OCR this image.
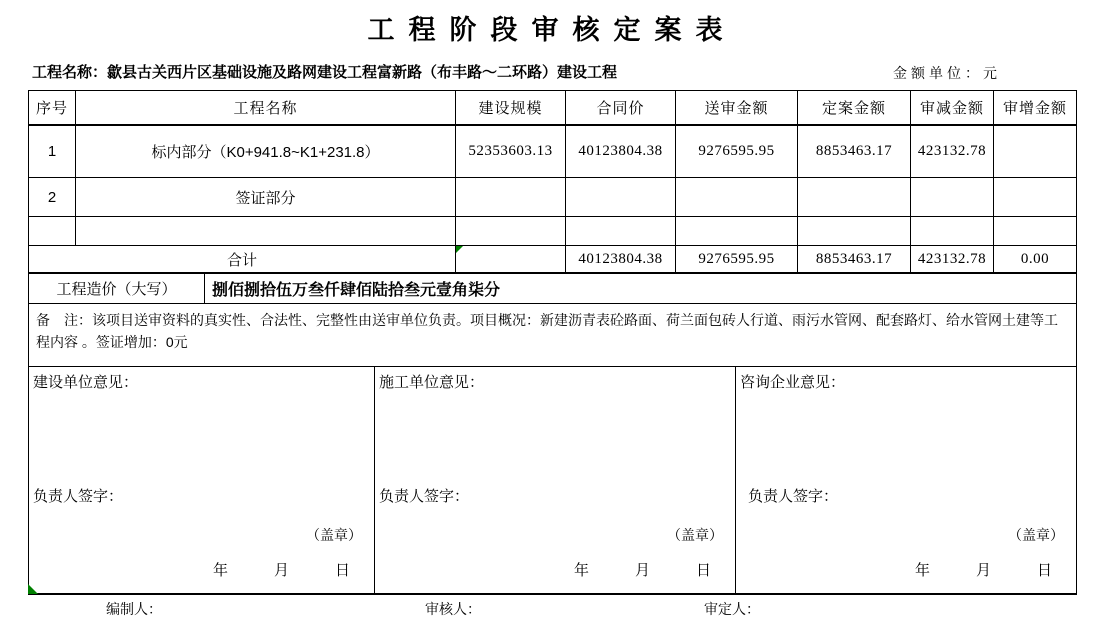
工程阶段审核定案表
工程名称：歙县古关西片区基础设施及路网建设工程富新路（布丰路～二环路）建设工程	金额单位：元
序号	工程名称	建设规模	合同价	送审金额	定案金额	审减金额	审增金额
1	标内部分（K0+941.8~K1+231.8）	52353603.13	40123804.38	9276595.95	8853463.17	423132.78	
2	签证部分						

合计			40123804.38	9276595.95	8853463.17	423132.78	0.00

工程造价（大写） 捌佰捌拾伍万叁仟肆佰陆拾叁元壹角柒分							

备　注：该项目送审资料的真实性、合法性、完整性由送审单位负责。项目概况：新建沥青表砼路面、荷兰面包砖人行道、雨污水管网、配套路灯、给水管网土建等工程内容 。签证增加：0元							

建设单位意见：
负责人签字：
（盖章）
年	月	日
施工单位意见：
负责人签字：
（盖章）
年	月	日
咨询企业意见：
负责人签字：
（盖章）
年	月	日
编制人：	审核人：	审定人：
